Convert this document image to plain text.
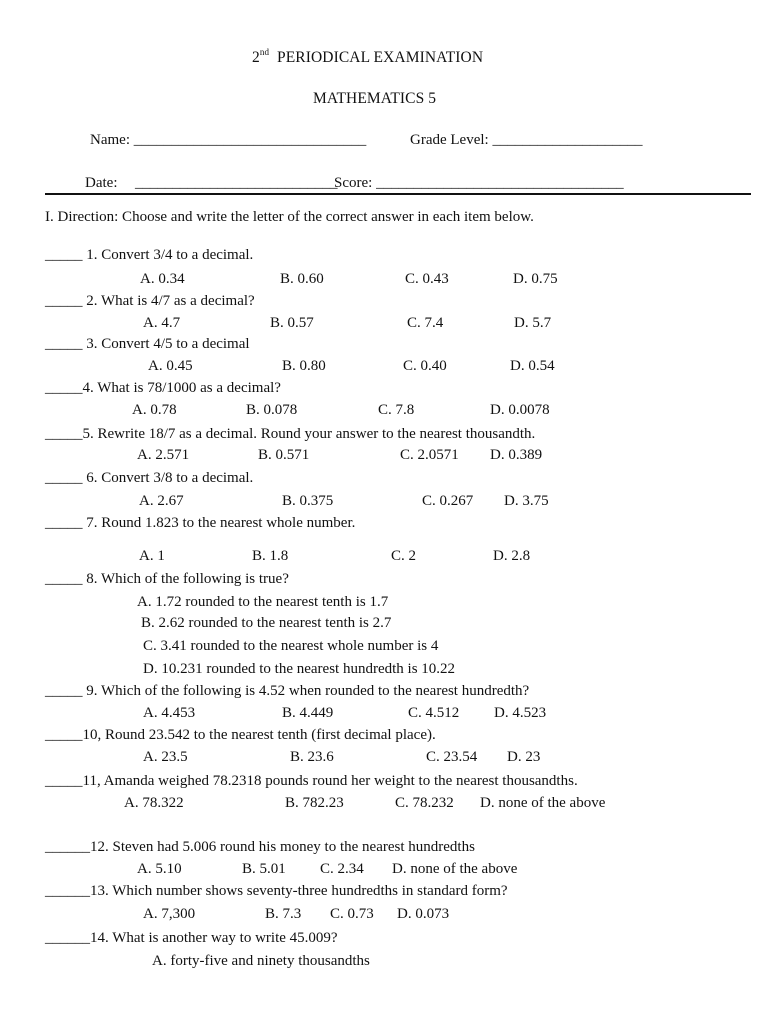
2nd PERIODICAL EXAMINATION
MATHEMATICS 5
Name: _______________________________	Grade Level: ____________________
Date: ___________________________
Score: _________________________________
I. Direction: Choose and write the letter of the correct answer in each item below.
_____ 1. Convert 3/4 to a decimal.
A. 0.34	B. 0.60	C. 0.43	D. 0.75
_____ 2. What is 4/7 as a decimal?
A. 4.7	B. 0.57	C. 7.4	D. 5.7
_____ 3. Convert 4/5 to a decimal
A. 0.45	B. 0.80	C. 0.40	D. 0.54
_____4. What is 78/1000 as a decimal?
A. 0.78	B. 0.078	C. 7.8	D. 0.0078
_____5. Rewrite 18/7 as a decimal. Round your answer to the nearest thousandth.
A. 2.571	B. 0.571	C. 2.0571 D. 0.389
_____ 6. Convert 3/8 to a decimal.
A. 2.67	B. 0.375	C. 0.267 D. 3.75
_____ 7. Round 1.823 to the nearest whole number.
A. 1	B. 1.8	C. 2	D. 2.8
_____ 8. Which of the following is true?
A. 1.72 rounded to the nearest tenth is 1.7
B. 2.62 rounded to the nearest tenth is 2.7
C. 3.41 rounded to the nearest whole number is 4
D. 10.231 rounded to the nearest hundredth is 10.22
_____ 9. Which of the following is 4.52 when rounded to the nearest hundredth?
A. 4.453	B. 4.449	C. 4.512 D. 4.523
_____10, Round 23.542 to the nearest tenth (first decimal place).
A. 23.5	B. 23.6	C. 23.54 D. 23
_____11, Amanda weighed 78.2318 pounds round her weight to the nearest thousandths.
A. 78.322	B. 782.23	C. 78.232 D. none of the above
______12. Steven had 5.006 round his money to the nearest hundredths
A. 5.10	B. 5.01 C. 2.34 D. none of the above
______13. Which number shows seventy-three hundredths in standard form?
A. 7,300	B. 7.3 C. 0.73 D. 0.073
______14. What is another way to write 45.009?
A. forty-five and ninety thousandths
